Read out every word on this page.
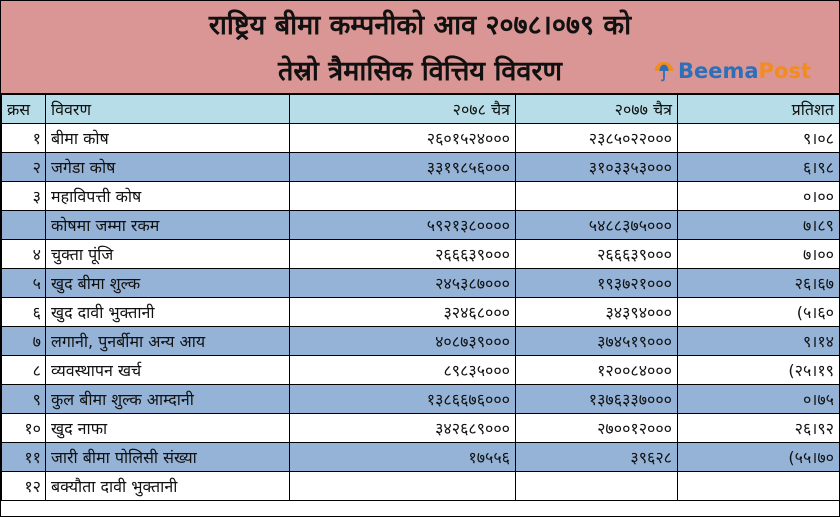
राष्ट्रिय बीमा कम्पनीको आव २०७८।०७९ को
तेस्रो त्रैमासिक वित्तिय विवरण	Beema Post
क्रस	विवरण	२०७८ चैत्र	२०७७ चैत्र	प्रतिशत
१	बीमा कोष	२६०१५२४०००	२३८५०२२०००	९।०८
२	जगेडा कोष	३३१९८५६०००	३१०३३५३०००	६।९८
३	महाविपत्ती कोष			०।००
	कोषमा जम्मा रकम	५९२१३८००००	५४८८३७५०००	७।८९
४	चुक्ता पूंजि	२६६६३९०००	२६६६३९०००	७।००
५	खुद बीमा शुल्क	२४५३८७०००	१९३७२१०००	२६।६७
६	खुद दावी भुक्तानी	३२४६८०००	३४३९४०००	(५।६०
७	लगानी, पुनर्बीमा अन्य आय	४०८७३९०००	३७४५१९०००	९।१४
८	व्यवस्थापन खर्च	८९८३५०००	१२००८४०००	(२५।१९
९	कुल बीमा शुल्क आम्दानी	१३८६६७६०००	१३७६३३७०००	०।७५
१०	खुद नाफा	३४२६८९०००	२७००१२०००	२६।९२
११	जारी बीमा पोलिसी संख्या	१७५५६	३९६२८	(५५।७०
१२	बक्यौता दावी भुक्तानी			
